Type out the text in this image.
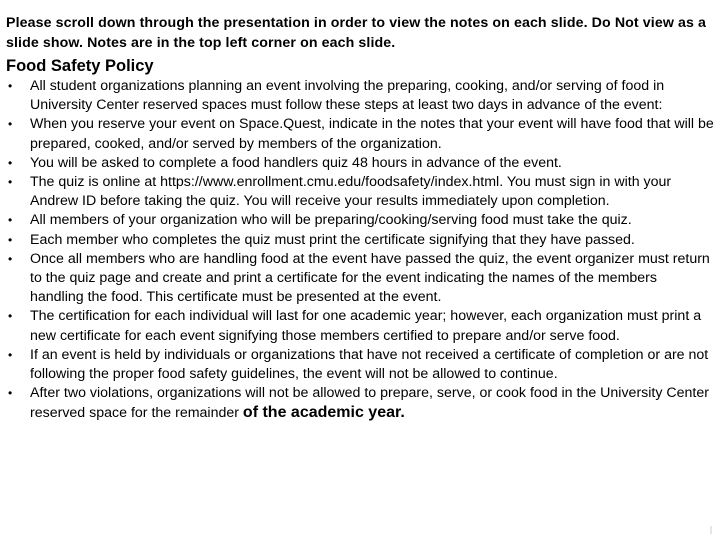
Please scroll down through the presentation in order to view the notes on each slide. Do Not view as a slide show. Notes are in the top left corner on each slide.

Food Safety Policy
•	All student organizations planning an event involving the preparing, cooking, and/or serving of food in University Center reserved spaces must follow these steps at least two days in advance of the event:
•	When you reserve your event on Space.Quest, indicate in the notes that your event will have food that will be prepared, cooked, and/or served by members of the organization.
•	You will be asked to complete a food handlers quiz 48 hours in advance of the event.
•	The quiz is online at https://www.enrollment.cmu.edu/foodsafety/index.html. You must sign in with your Andrew ID before taking the quiz. You will receive your results immediately upon completion.
•	All members of your organization who will be preparing/cooking/serving food must take the quiz.
•	Each member who completes the quiz must print the certificate signifying that they have passed.
•	Once all members who are handling food at the event have passed the quiz, the event organizer must return to the quiz page and create and print a certificate for the event indicating the names of the members handling the food. This certificate must be presented at the event.
•	The certification for each individual will last for one academic year; however, each organization must print a new certificate for each event signifying those members certified to prepare and/or serve food.
•	If an event is held by individuals or organizations that have not received a certificate of completion or are not following the proper food safety guidelines, the event will not be allowed to continue.
•	After two violations, organizations will not be allowed to prepare, serve, or cook food in the University Center reserved space for the remainder of the academic year.
